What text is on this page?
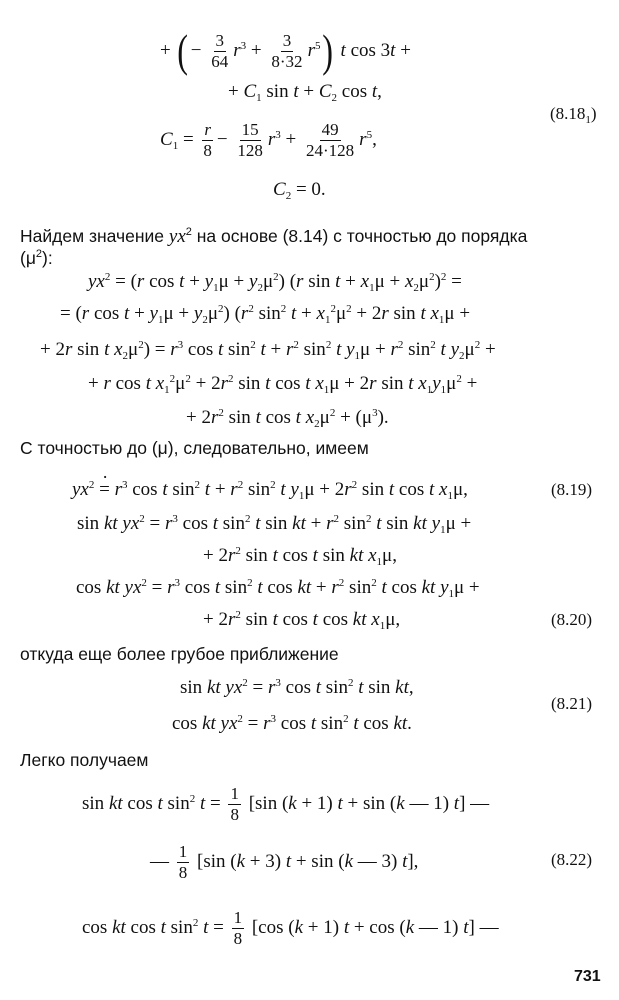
+ ( − $\frac{3}{64} r^3 + \frac{3}{8\cdot 32} r^5$) t cos 3t +
+ $C_1$ $\sin t + C_2$ cos t,
$C_1 = \frac{r}{8} - \frac{15}{128} r^3 + \frac{49}{24\cdot 128} r^5$,
$C_2 = 0$.
$(8.18_1)$
Найдем значение $yx^2$ на основе (8.14) с точностью до порядка
$(\mu^2)$:
$yx^2 = (r$ $\cos t + y_1\mu + y_2\mu^2$) (r $\sin t + x_1\mu + x_2\mu^2)^2$ =
= (r $\cos t + y_1\mu + y_2\mu^2$) ($r^2$ $\sin^2 t + x_1^2\mu^2 + 2r$ sin t $x_1\mu$ +
+ 2r sin t $x_2\mu^2) = r^3$ cos t $\sin^2 t + r^2$ $\sin^2 t$ $y_1\mu + r^2$ $\sin^2 t$ $y_2\mu^2$ +
+ r cos t $x_1^2\mu^2 + 2r^2$ sin t cos t $x_1\mu + 2r$ sin t $x_1y_1\mu^2$ +
+ $2r^2$ sin t cos t $x_2\mu^2 + (\mu^3)$.
С точностью до (μ), следовательно, имеем
$yx^2$ · = $r^3$ cos t $\sin^2 t + r^2$ $\sin^2 t$ $y_1\mu + 2r^2$ sin t cos t $x_1\mu$,	(8.19)
sin kt $yx^2 = r^3$ cos t $\sin^2 t$ sin kt + $r^2$ $\sin^2 t$ sin kt $y_1\mu$ +
+ $2r^2$ sin t cos t sin kt $x_1\mu$,
cos kt $yx^2 = r^3$ cos t $\sin^2 t$ cos kt + $r^2$ $\sin^2 t$ cos kt $y_1\mu$ +
+ $2r^2$ sin t cos t cos kt $x_1\mu$,	(8.20)
откуда еще более грубое приближение
sin kt $yx^2 = r^3$ cos t $\sin^2 t$ sin kt,
cos kt $yx^2 = r^3$ cos t $\sin^2 t$ cos kt.
(8.21)
Легко получаем
sin kt cos t $\sin^2 t = \frac{1}{8} [\sin$ (k + 1) t + sin (k — 1) t] —
— $\frac{1}{8} [\sin$ (k + 3) t + sin (k — 3) t],	(8.22)
cos kt cos t $\sin^2 t = \frac{1}{8} [\cos$ (k + 1) t + cos (k — 1) t] —
731
